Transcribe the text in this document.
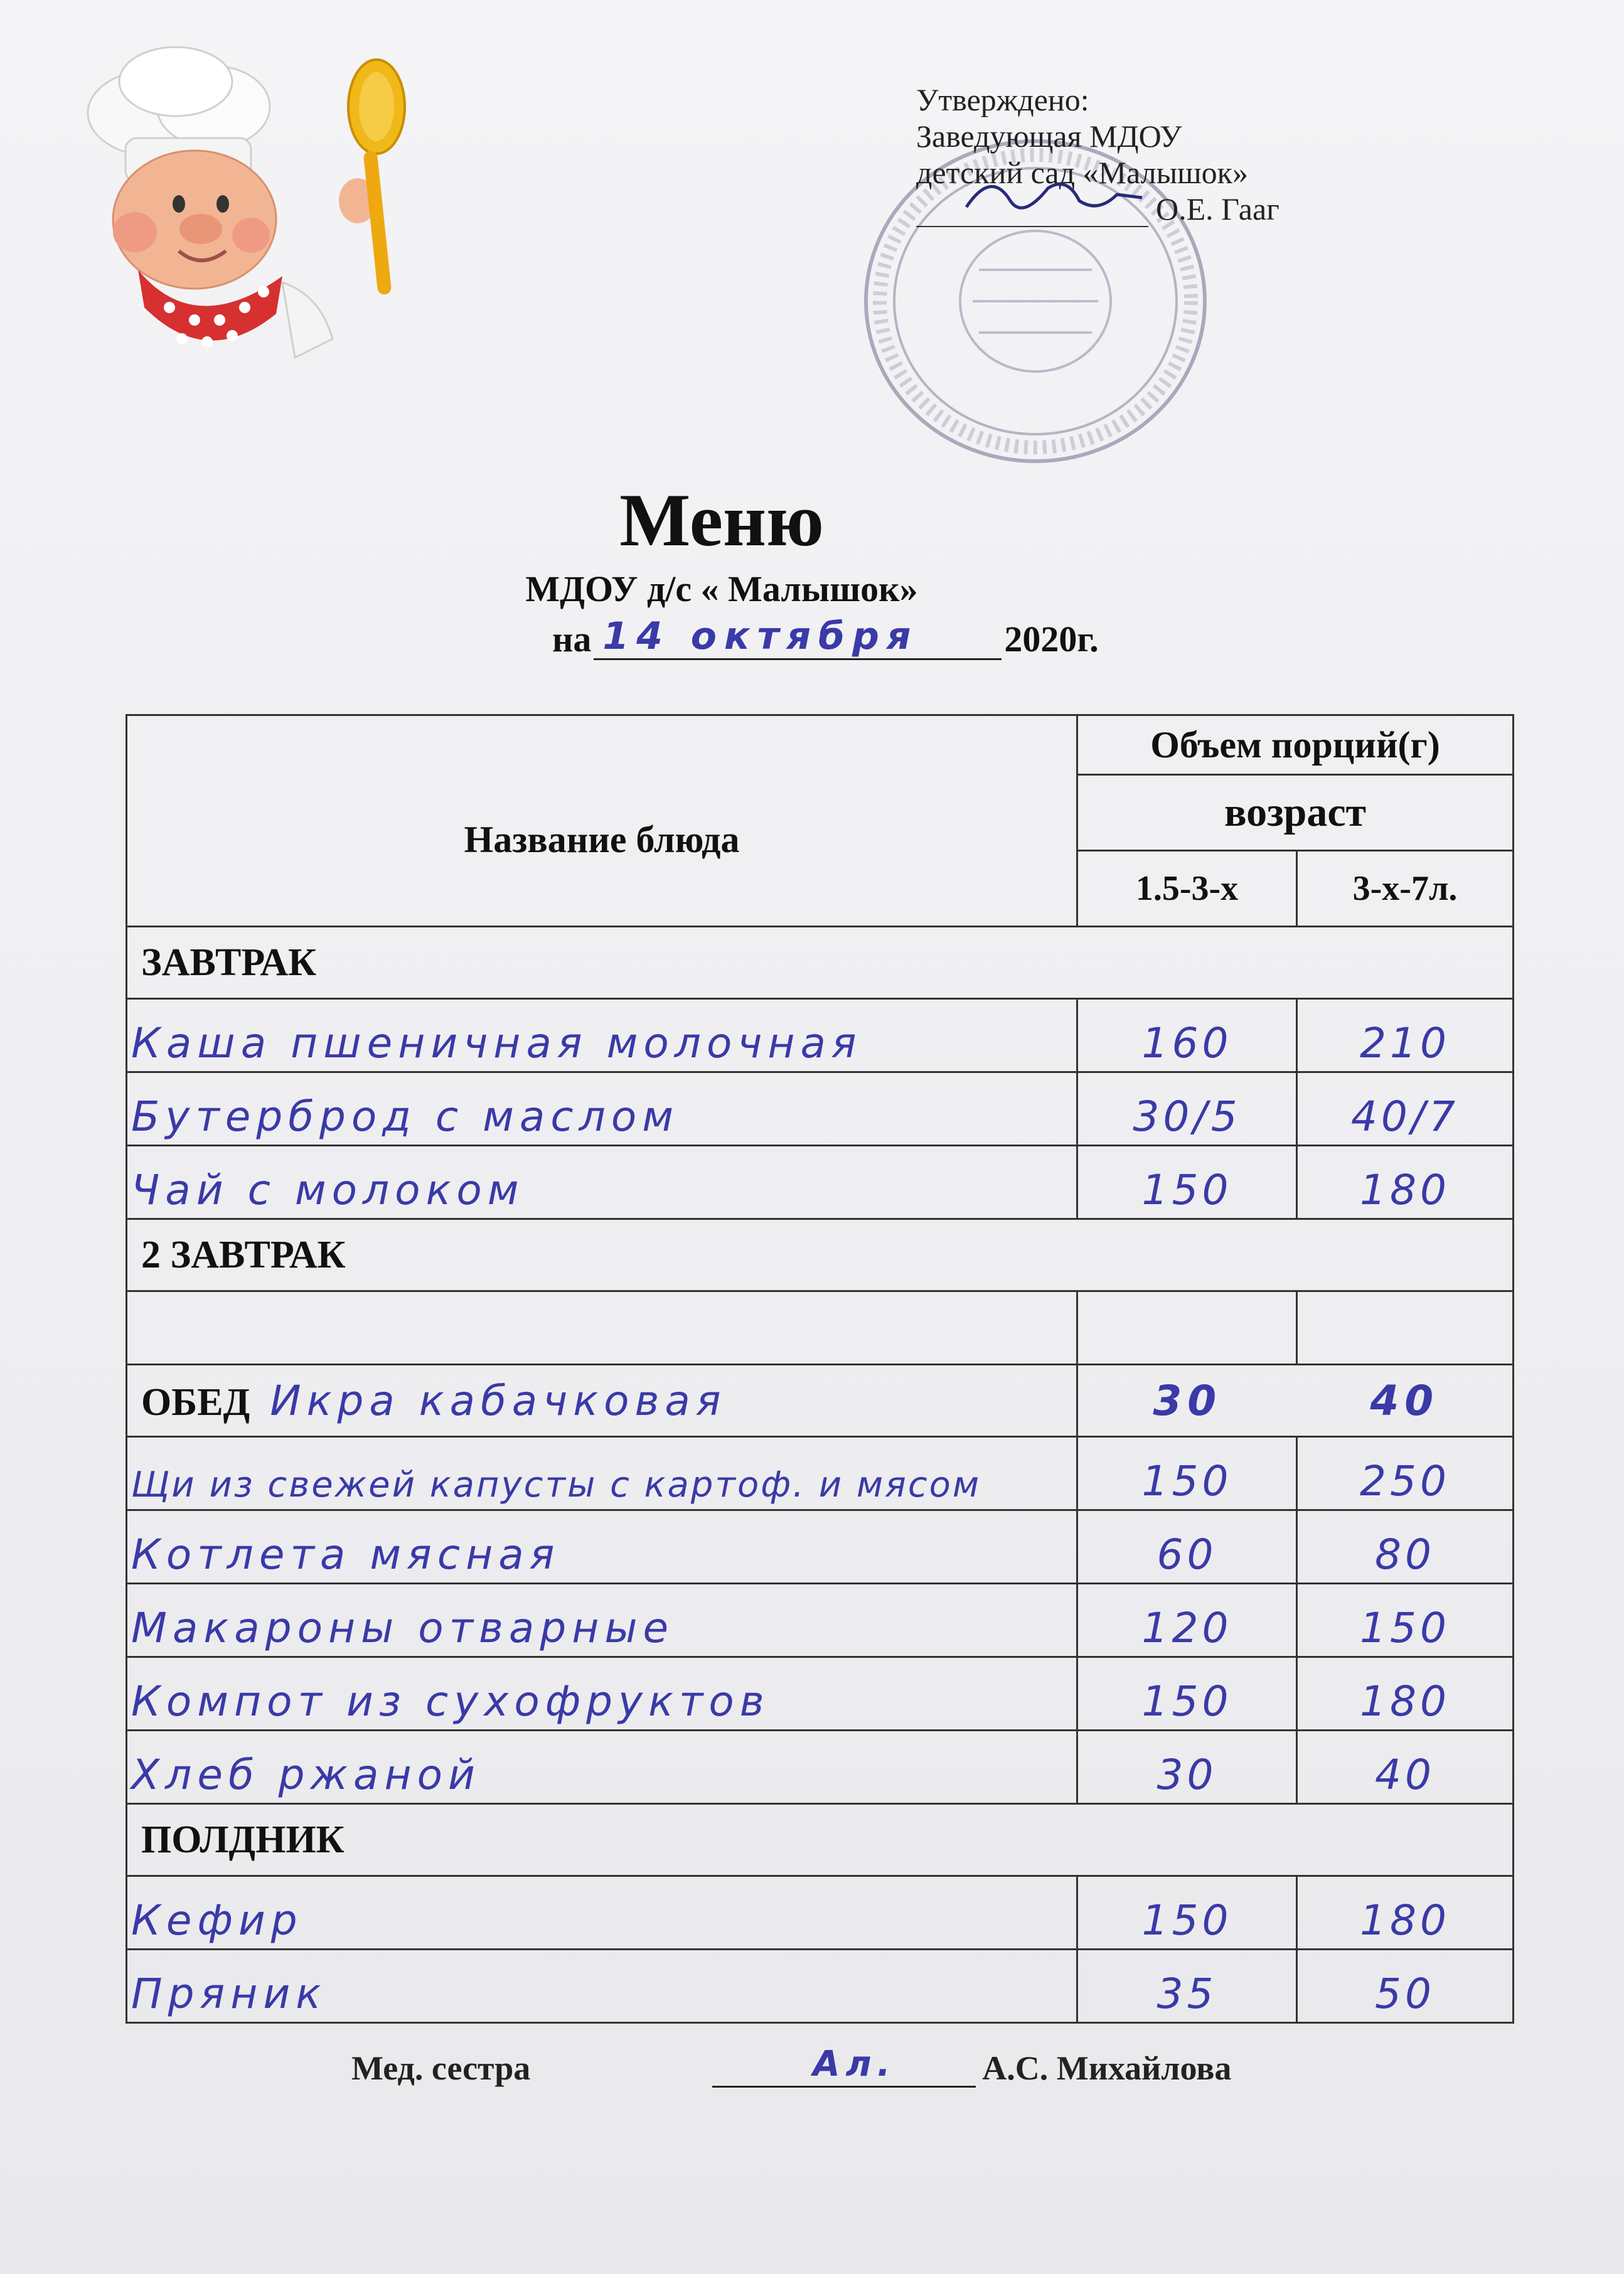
Утверждено:
Заведующая МДОУ
детский сад «Малышок»
О.Е. Гааг
Меню
МДОУ д/с « Малышок»
на 14 октября 2020г.
Название блюда	Объем порций(г)	
	возраст	
	1.5-3-х	3-х-7л.
ЗАВТРАК		

Каша пшеничная молочная	160	210

Бутерброд с маслом	30/5	40/7

Чай с молоком	150	180

2 ЗАВТРАК		

ОБЕД Икра кабачковая	30	40

Щи из свежей капусты с картоф. и мясом	150	250

Котлета мясная	60	80

Макароны отварные	120	150

Компот из сухофруктов	150	180

Хлеб ржаной	30	40

ПОЛДНИК		

Кефир	150	180

Пряник	35	50
Мед. сестра	Ал.	А.С. Михайлова
